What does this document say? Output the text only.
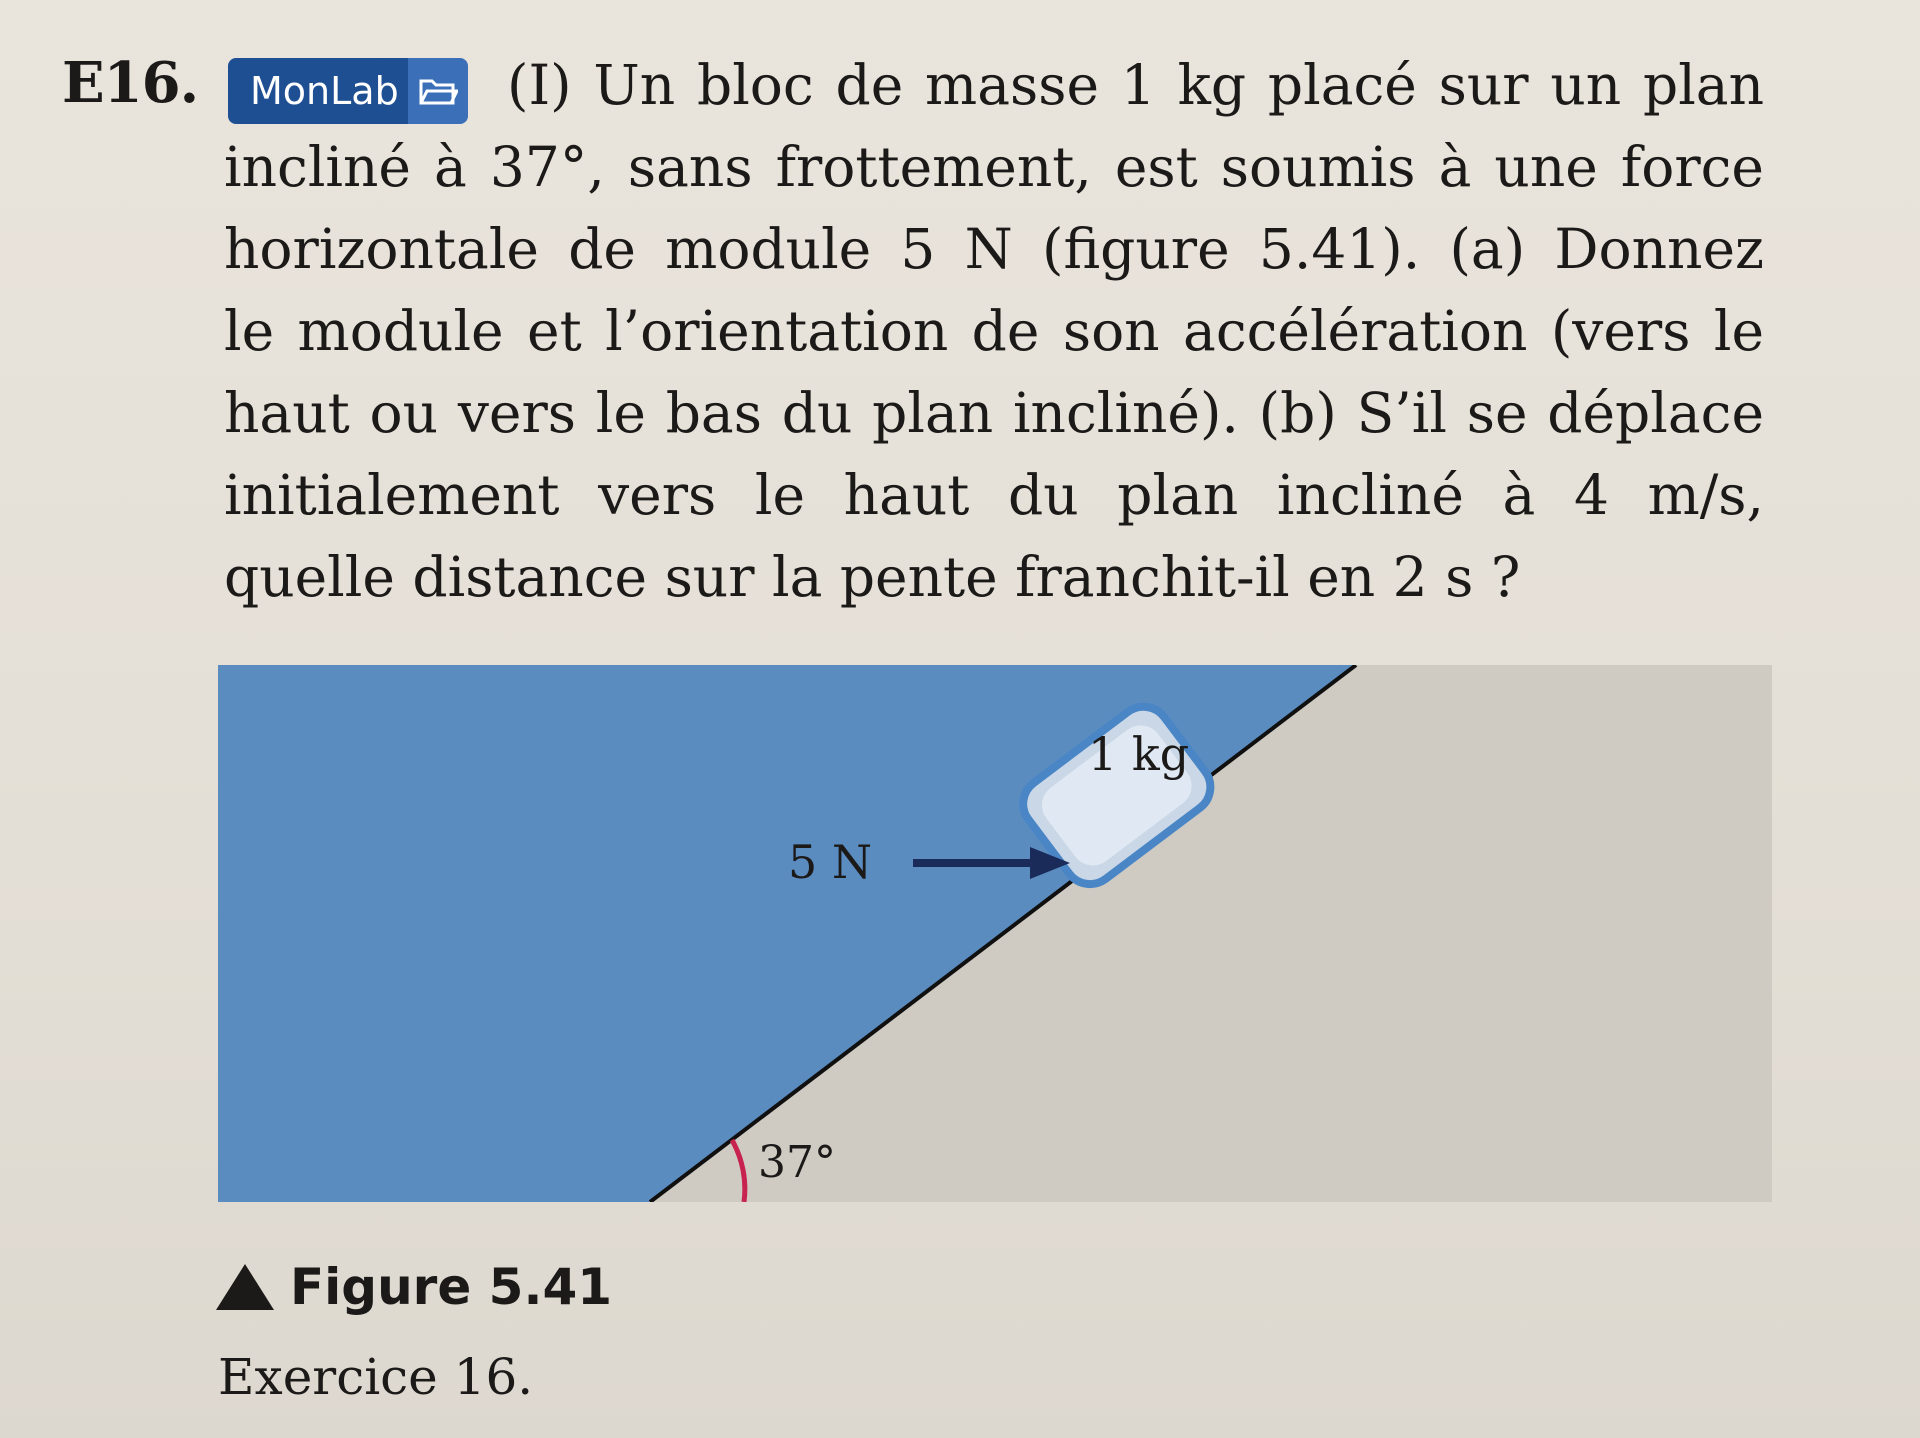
E16.	MonLab	(I) Un bloc de masse 1 kg placé sur un plan
incliné à 37°, sans frottement, est soumis à une force
horizontale de module 5 N (figure 5.41). (a) Donnez
le module et l’orientation de son accélération (vers le
haut ou vers le bas du plan incliné). (b) S’il se déplace
initialement vers le haut du plan incliné à 4 m/s,
quelle distance sur la pente franchit-il en 2 s ?
37°
5 N
1 kg
Figure 5.41
Exercice 16.
